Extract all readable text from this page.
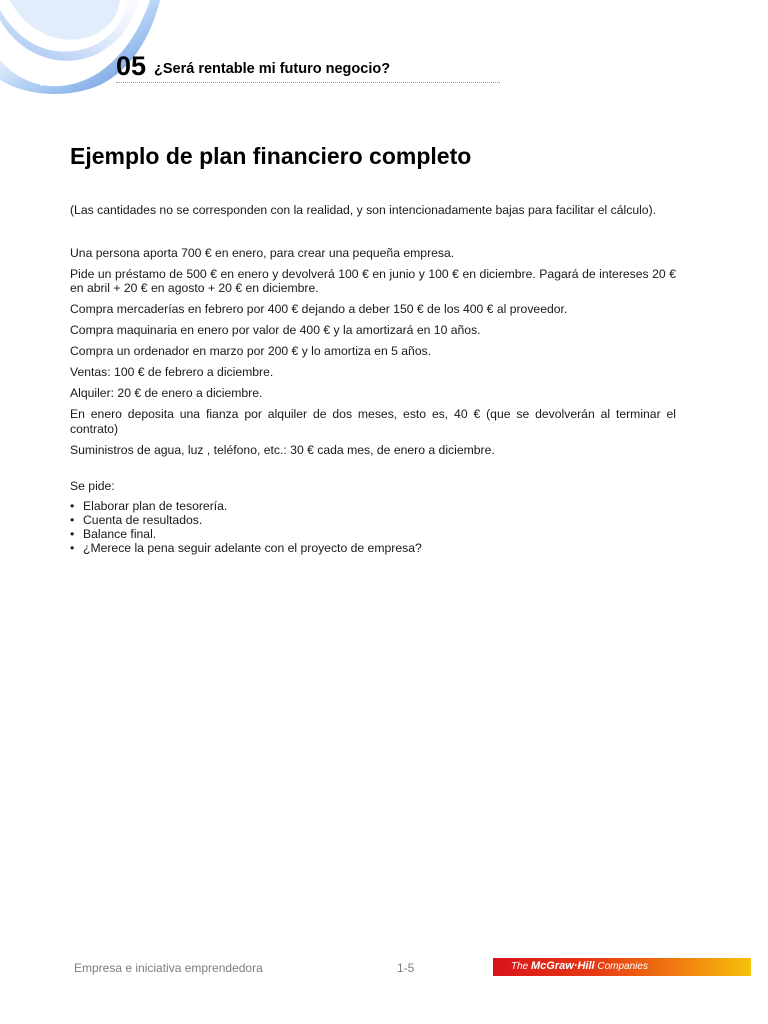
05 ¿Será rentable mi futuro negocio?
Ejemplo de plan financiero completo

(Las cantidades no se corresponden con la realidad, y son intencionadamente bajas para facilitar el cálculo).

Una persona aporta 700 € en enero, para crear una pequeña empresa.

Pide un préstamo de 500 € en enero y devolverá 100 € en junio y 100 € en diciembre. Pagará de intereses 20 € en abril + 20 € en agosto + 20 € en diciembre.

Compra mercaderías en febrero por 400 € dejando a deber 150 € de los 400 € al proveedor.

Compra maquinaria en enero por valor de 400 € y la amortizará en 10 años.

Compra un ordenador en marzo por 200 € y lo amortiza en 5 años.

Ventas: 100 € de febrero a diciembre.

Alquiler: 20 € de enero a diciembre.

En enero deposita una fianza por alquiler de dos meses, esto es, 40 € (que se devolverán al terminar el contrato)

Suministros de agua, luz , teléfono, etc.: 30 € cada mes, de enero a diciembre.

Se pide:

• Elaborar plan de tesorería.
• Cuenta de resultados.
• Balance final.
• ¿Merece la pena seguir adelante con el proyecto de empresa?
Empresa e iniciativa emprendedora	1-5	The McGraw·Hill Companies
